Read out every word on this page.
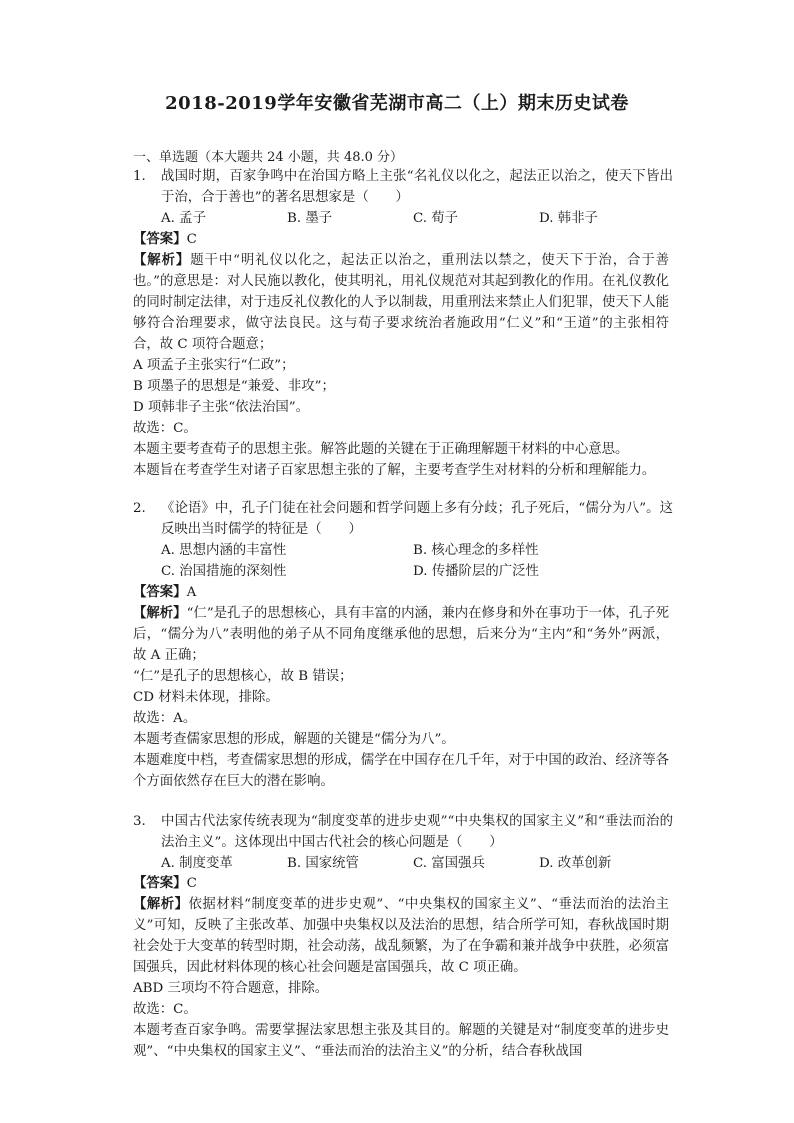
2018-2019学年安徽省芜湖市高二（上）期末历史试卷
一、单选题（本大题共 24 小题，共 48.0 分）
1.	战国时期，百家争鸣中在治国方略上主张“名礼仪以化之，起法正以治之，使天下皆出于治，合于善也”的著名思想家是（　　）
A. 孟子	B. 墨子	C. 荀子	D. 韩非子
【答案】C
【解析】题干中“明礼仪以化之，起法正以治之，重刑法以禁之，使天下于治，合于善也。”的意思是：对人民施以教化，使其明礼，用礼仪规范对其起到教化的作用。在礼仪教化的同时制定法律，对于违反礼仪教化的人予以制裁，用重刑法来禁止人们犯罪，使天下人能够符合治理要求，做守法良民。这与荀子要求统治者施政用“仁义”和“王道”的主张相符合，故 C 项符合题意；
A 项孟子主张实行“仁政”；
B 项墨子的思想是“兼爱、非攻”；
D 项韩非子主张“依法治国”。
故选：C。
本题主要考查荀子的思想主张。解答此题的关键在于正确理解题干材料的中心意思。
本题旨在考查学生对诸子百家思想主张的了解，主要考查学生对材料的分析和理解能力。
2.	《论语》中，孔子门徒在社会问题和哲学问题上多有分歧；孔子死后，“儒分为八”。这反映出当时儒学的特征是（　　）
A. 思想内涵的丰富性	B. 核心理念的多样性
C. 治国措施的深刻性	D. 传播阶层的广泛性
【答案】A
【解析】“仁”是孔子的思想核心，具有丰富的内涵，兼内在修身和外在事功于一体，孔子死后，“儒分为八”表明他的弟子从不同角度继承他的思想，后来分为“主内”和“务外”两派，故 A 正确；
“仁”是孔子的思想核心，故 B 错误；
CD 材料未体现，排除。
故选：A。
本题考查儒家思想的形成，解题的关键是“儒分为八”。
本题难度中档，考查儒家思想的形成，儒学在中国存在几千年，对于中国的政治、经济等各个方面依然存在巨大的潜在影响。
3.	中国古代法家传统表现为“制度变革的进步史观”“中央集权的国家主义”和“垂法而治的法治主义”。这体现出中国古代社会的核心问题是（　　）
A. 制度变革	B. 国家统管	C. 富国强兵	D. 改革创新
【答案】C
【解析】依据材料“制度变革的进步史观”、“中央集权的国家主义”、“垂法而治的法治主义”可知，反映了主张改革、加强中央集权以及法治的思想，结合所学可知，春秋战国时期社会处于大变革的转型时期，社会动荡，战乱频繁，为了在争霸和兼并战争中获胜，必须富国强兵，因此材料体现的核心社会问题是富国强兵，故 C 项正确。
ABD 三项均不符合题意，排除。
故选：C。
本题考查百家争鸣。需要掌握法家思想主张及其目的。解题的关键是对“制度变革的进步史观”、“中央集权的国家主义”、“垂法而治的法治主义”的分析，结合春秋战国
